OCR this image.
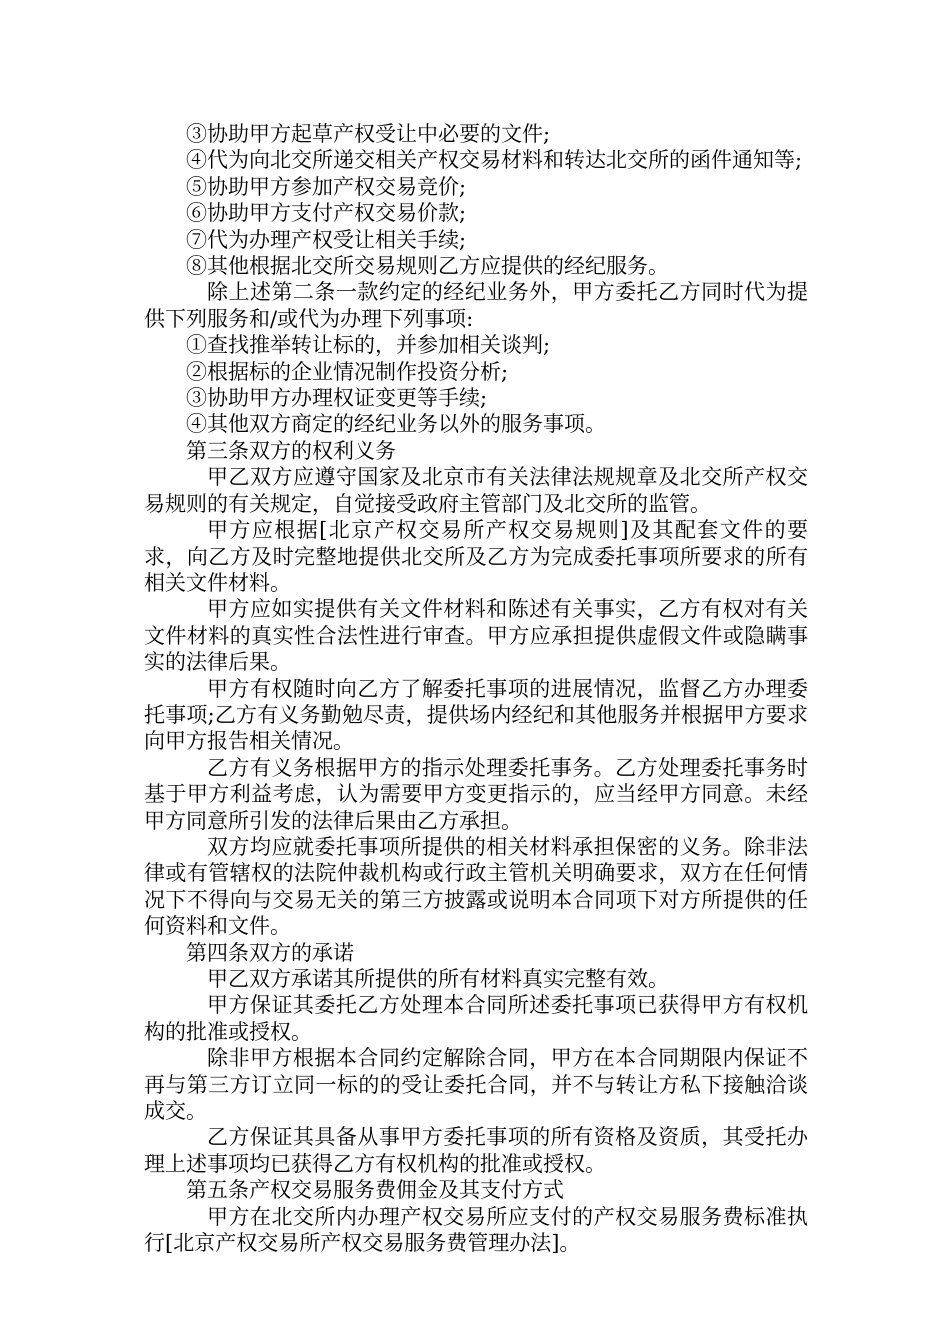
③协助甲方起草产权受让中必要的文件;

④代为向北交所递交相关产权交易材料和转达北交所的函件通知等;

⑤协助甲方参加产权交易竞价;

⑥协助甲方支付产权交易价款;

⑦代为办理产权受让相关手续;

⑧其他根据北交所交易规则乙方应提供的经纪服务。

除上述第二条一款约定的经纪业务外，甲方委托乙方同时代为提供下列服务和/或代为办理下列事项:

①查找推举转让标的，并参加相关谈判;

②根据标的企业情况制作投资分析;

③协助甲方办理权证变更等手续;

④其他双方商定的经纪业务以外的服务事项。

第三条双方的权利义务

甲乙双方应遵守国家及北京市有关法律法规规章及北交所产权交易规则的有关规定，自觉接受政府主管部门及北交所的监管。

甲方应根据[北京产权交易所产权交易规则]及其配套文件的要求，向乙方及时完整地提供北交所及乙方为完成委托事项所要求的所有相关文件材料。

甲方应如实提供有关文件材料和陈述有关事实，乙方有权对有关文件材料的真实性合法性进行审查。甲方应承担提供虚假文件或隐瞒事实的法律后果。

甲方有权随时向乙方了解委托事项的进展情况，监督乙方办理委托事项;乙方有义务勤勉尽责，提供场内经纪和其他服务并根据甲方要求向甲方报告相关情况。

乙方有义务根据甲方的指示处理委托事务。乙方处理委托事务时基于甲方利益考虑，认为需要甲方变更指示的，应当经甲方同意。未经甲方同意所引发的法律后果由乙方承担。

双方均应就委托事项所提供的相关材料承担保密的义务。除非法律或有管辖权的法院仲裁机构或行政主管机关明确要求，双方在任何情况下不得向与交易无关的第三方披露或说明本合同项下对方所提供的任何资料和文件。

第四条双方的承诺

甲乙双方承诺其所提供的所有材料真实完整有效。

甲方保证其委托乙方处理本合同所述委托事项已获得甲方有权机构的批准或授权。

除非甲方根据本合同约定解除合同，甲方在本合同期限内保证不再与第三方订立同一标的的受让委托合同，并不与转让方私下接触洽谈成交。

乙方保证其具备从事甲方委托事项的所有资格及资质，其受托办理上述事项均已获得乙方有权机构的批准或授权。

第五条产权交易服务费佣金及其支付方式

甲方在北交所内办理产权交易所应支付的产权交易服务费标准执行[北京产权交易所产权交易服务费管理办法]。
